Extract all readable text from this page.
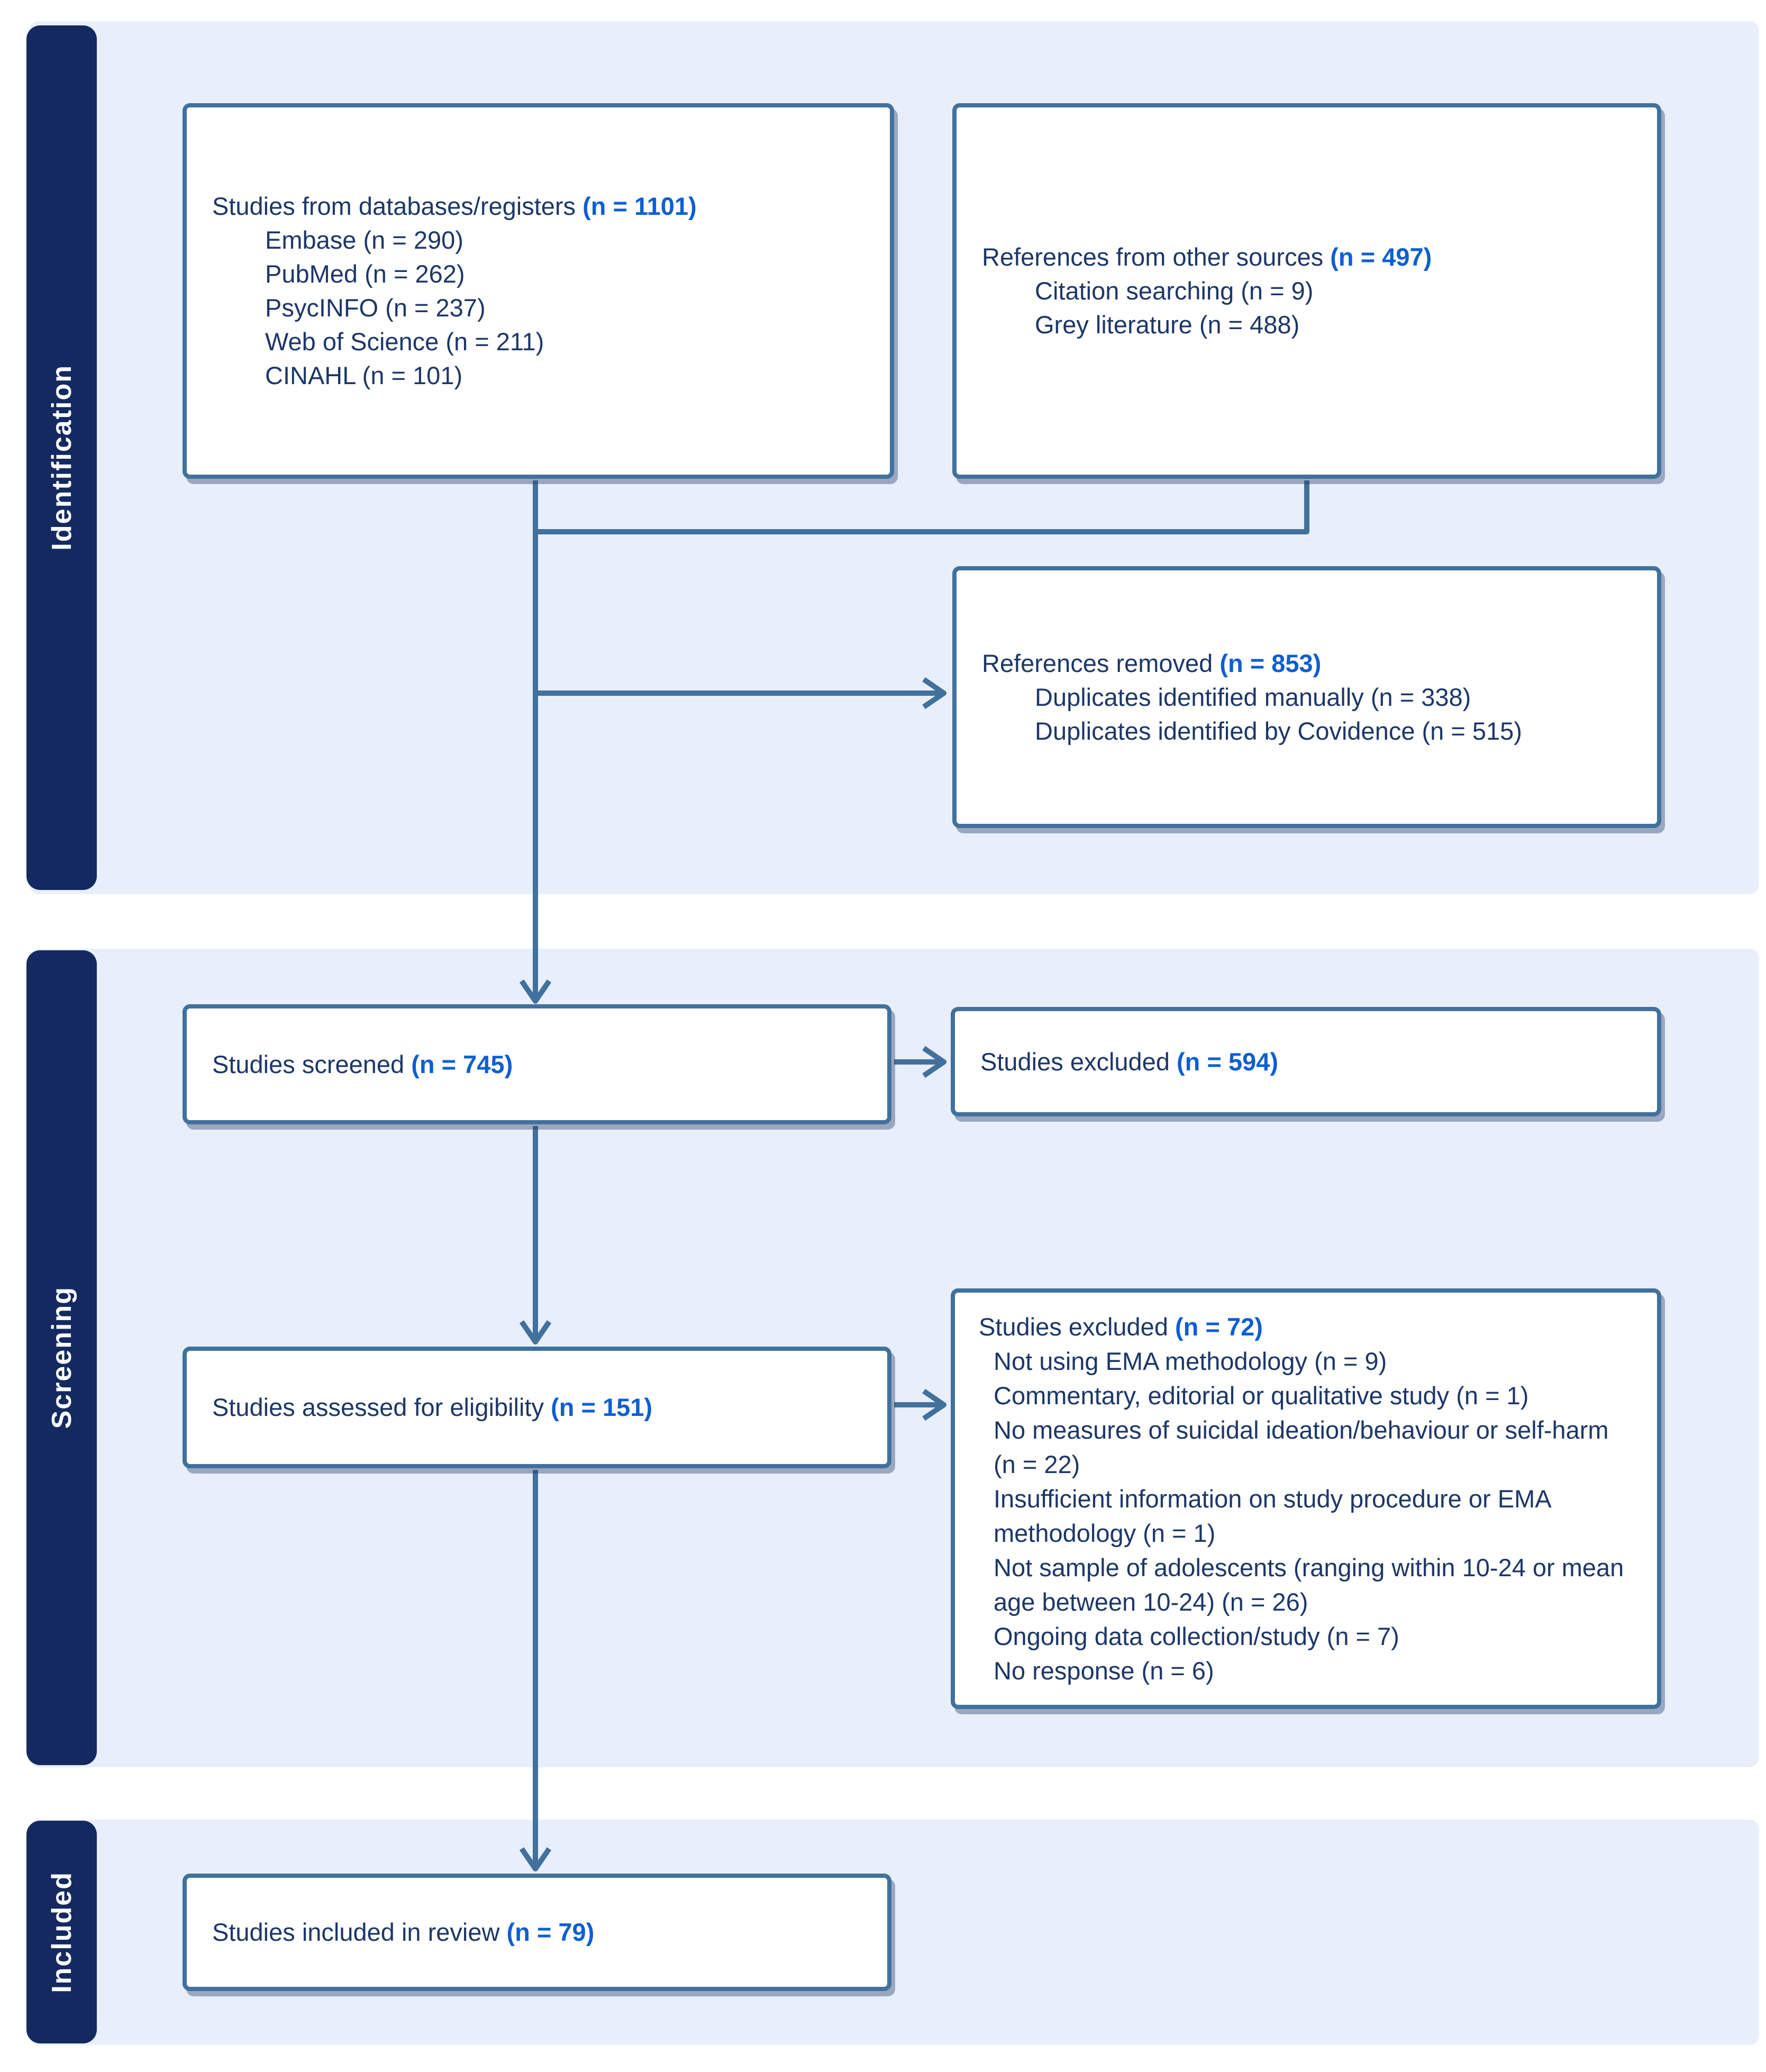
Identification
Screening
Included
Studies from databases/registers (n = 1101)
Embase (n = 290)
PubMed (n = 262)
PsycINFO (n = 237)
Web of Science (n = 211)
CINAHL (n = 101)
References from other sources (n = 497)
Citation searching (n = 9)
Grey literature (n = 488)
References removed (n = 853)
Duplicates identified manually (n = 338)
Duplicates identified by Covidence (n = 515)
Studies screened (n = 745)	Studies excluded (n = 594)
Studies assessed for eligibility (n = 151)
Studies excluded (n = 72)
Not using EMA methodology (n = 9)
Commentary, editorial or qualitative study (n = 1)
No measures of suicidal ideation/behaviour or self-harm (n = 22)
Insufficient information on study procedure or EMA methodology (n = 1)
Not sample of adolescents (ranging within 10-24 or mean age between 10-24) (n = 26)
Ongoing data collection/study (n = 7)
No response (n = 6)
Studies included in review (n = 79)
